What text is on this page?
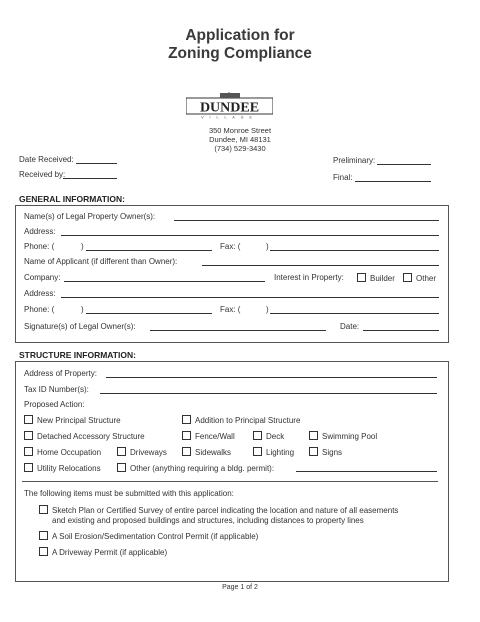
Application for
Zoning Compliance
DUNDEE
VILLAGE
350 Monroe Street
Dundee, MI 48131
(734) 529-3430
Date Received:
Received by:
Preliminary:
Final:
GENERAL INFORMATION:
Name(s) of Legal Property Owner(s):
Address:
Phone: (	)	Fax: (	)
Name of Applicant (if different than Owner):
Company:	Interest in Property:	Builder	Other
Address:
Phone: (	)	Fax: (	)
Signature(s) of Legal Owner(s):	Date:
STRUCTURE INFORMATION:
Address of Property:
Tax ID Number(s):
Proposed Action:
New Principal Structure	Addition to Principal Structure
Detached Accessory Structure	Fence/Wall	Deck	Swimming Pool
Home Occupation	Driveways	Sidewalks	Lighting	Signs
Utility Relocations	Other (anything requiring a bldg. permit):
The following items must be submitted with this application:
Sketch Plan or Certified Survey of entire parcel indicating the location and nature of all easements
and existing and proposed buildings and structures, including distances to property lines
A Soil Erosion/Sedimentation Control Permit (if applicable)
A Driveway Permit (if applicable)
Page 1 of 2
